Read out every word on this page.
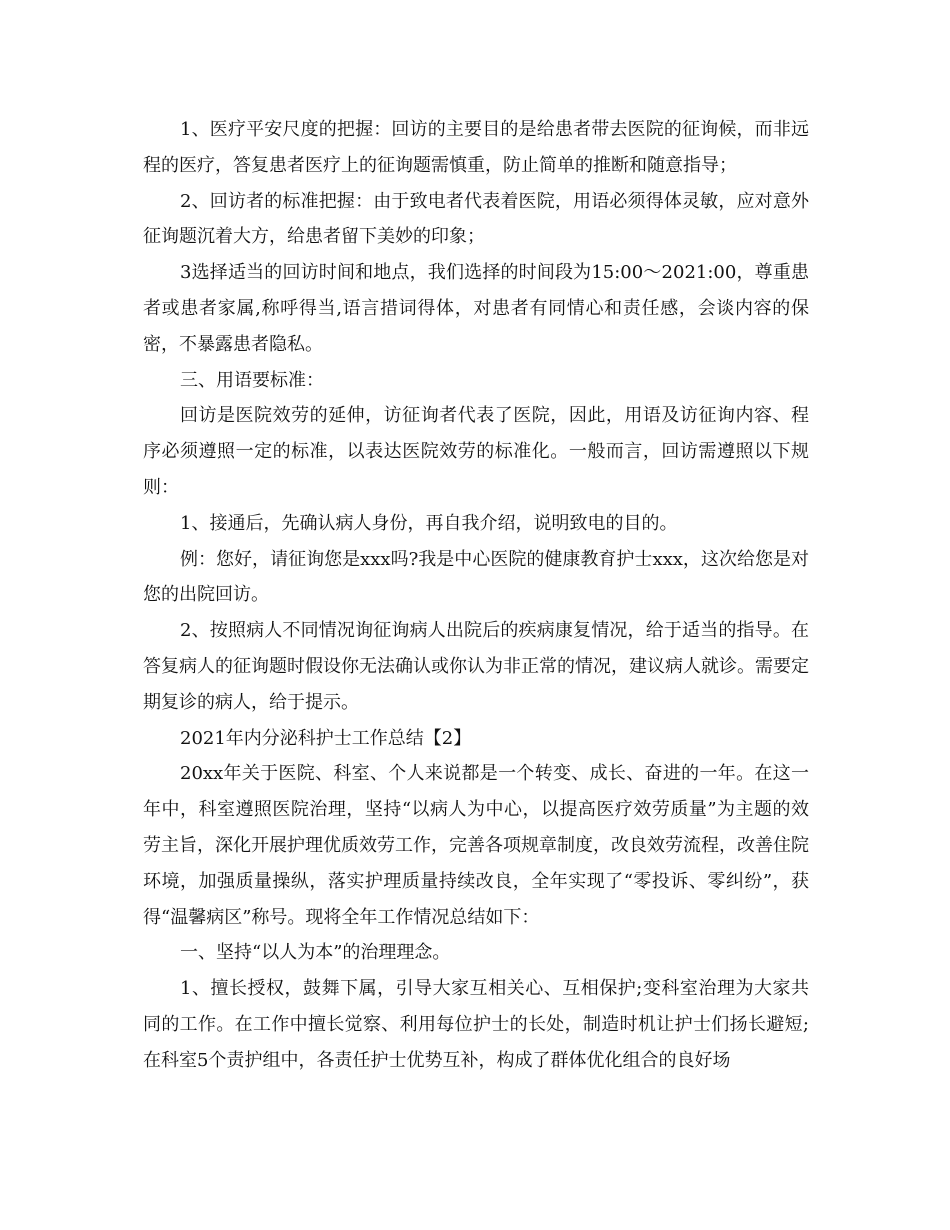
1、医疗平安尺度的把握：回访的主要目的是给患者带去医院的征询候，而非远程的医疗，答复患者医疗上的征询题需慎重，防止简单的推断和随意指导；

2、回访者的标准把握：由于致电者代表着医院，用语必须得体灵敏，应对意外征询题沉着大方，给患者留下美妙的印象；

3选择适当的回访时间和地点，我们选择的时间段为15:00～2021:00，尊重患者或患者家属,称呼得当,语言措词得体，对患者有同情心和责任感，会谈内容的保密，不暴露患者隐私。

三、用语要标准：

回访是医院效劳的延伸，访征询者代表了医院，因此，用语及访征询内容、程序必须遵照一定的标准，以表达医院效劳的标准化。一般而言，回访需遵照以下规则：

1、接通后，先确认病人身份，再自我介绍，说明致电的目的。

例：您好，请征询您是xxx吗?我是中心医院的健康教育护士xxx，这次给您是对您的出院回访。

2、按照病人不同情况询征询病人出院后的疾病康复情况，给于适当的指导。在答复病人的征询题时假设你无法确认或你认为非正常的情况，建议病人就诊。需要定期复诊的病人，给于提示。

2021年内分泌科护士工作总结【2】

20xx年关于医院、科室、个人来说都是一个转变、成长、奋进的一年。在这一年中，科室遵照医院治理，坚持“以病人为中心，以提高医疗效劳质量”为主题的效劳主旨，深化开展护理优质效劳工作，完善各项规章制度，改良效劳流程，改善住院环境，加强质量操纵，落实护理质量持续改良，全年实现了“零投诉、零纠纷”，获得“温馨病区”称号。现将全年工作情况总结如下：

一、坚持“以人为本”的治理理念。

1、擅长授权，鼓舞下属，引导大家互相关心、互相保护;变科室治理为大家共同的工作。在工作中擅长觉察、利用每位护士的长处，制造时机让护士们扬长避短;在科室5个责护组中，各责任护士优势互补，构成了群体优化组合的良好场
